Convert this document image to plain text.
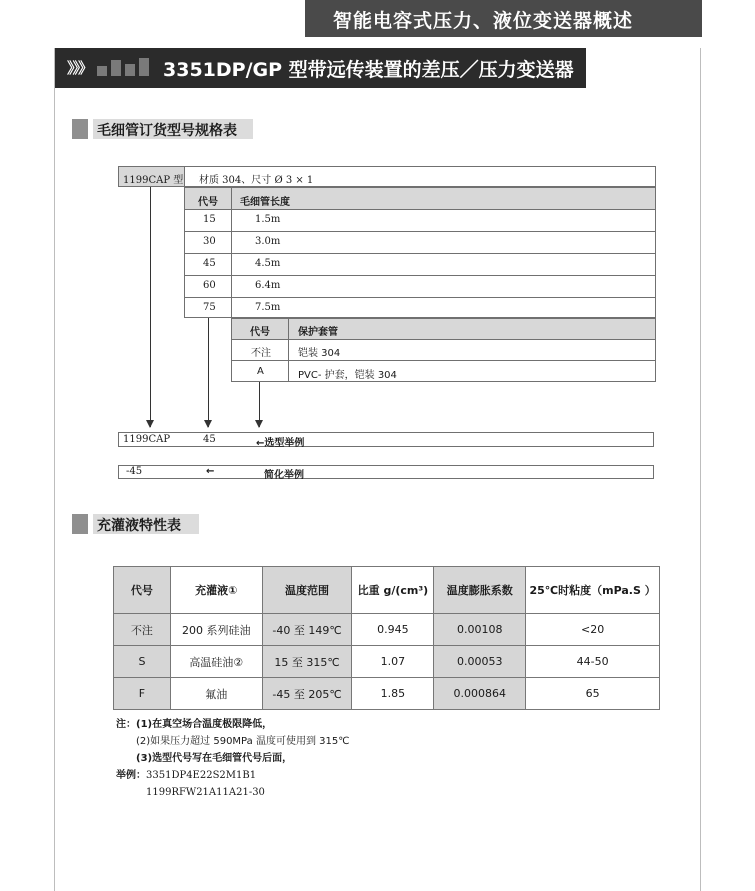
智能电容式压力、液位变送器概述
》》》	3351DP/GP 型带远传装置的差压／压力变送器
毛细管订货型号规格表
1199CAP 型 材质 304、尺寸 Ø 3 × 1
代号 毛细管长度
15	1.5m
30	3.0m
45	4.5m
60	6.4m
75	7.5m
代号	保护套管
不注	铠装 304
A	PVC- 护套，铠装 304
1199CAP	45	←选型举例
-45	←	简化举例
充灌液特性表
代号	充灌液①	温度范围	比重 g/(cm³)	温度膨胀系数	25℃时粘度（mPa.S ）
不注	200 系列硅油	-40 至 149℃	0.945	0.00108	<20
S	高温硅油②	15 至 315℃	1.07	0.00053	44-50
F	氟油	-45 至 205℃	1.85	0.000864	65
注：(1)在真空场合温度极限降低，
(2)如果压力超过 590MPa 温度可使用到 315℃
(3)选型代号写在毛细管代号后面，
举例：3351DP4E22S2M1B1
1199RFW21A11A21-30
